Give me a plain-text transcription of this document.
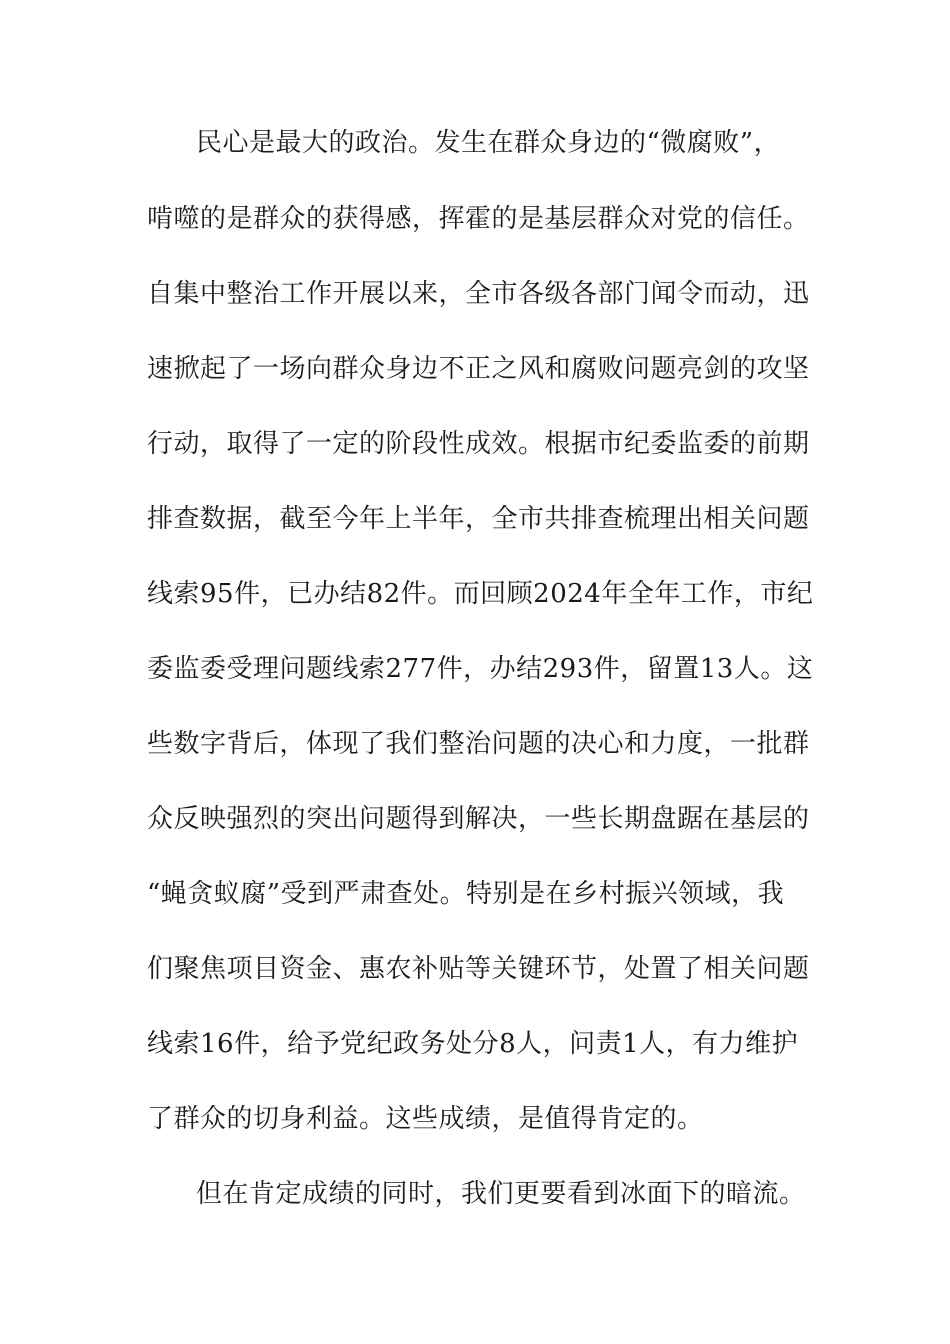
民心是最大的政治。发生在群众身边的“微腐败”，
啃噬的是群众的获得感，挥霍的是基层群众对党的信任。
自集中整治工作开展以来，全市各级各部门闻令而动，迅
速掀起了一场向群众身边不正之风和腐败问题亮剑的攻坚
行动，取得了一定的阶段性成效。根据市纪委监委的前期
排查数据，截至今年上半年，全市共排查梳理出相关问题
线索95件，已办结82件。而回顾2024年全年工作，市纪
委监委受理问题线索277件，办结293件，留置13人。这
些数字背后，体现了我们整治问题的决心和力度，一批群
众反映强烈的突出问题得到解决，一些长期盘踞在基层的
“蝇贪蚁腐”受到严肃查处。特别是在乡村振兴领域，我
们聚焦项目资金、惠农补贴等关键环节，处置了相关问题
线索16件，给予党纪政务处分8人，问责1人，有力维护
了群众的切身利益。这些成绩，是值得肯定的。
但在肯定成绩的同时，我们更要看到冰面下的暗流。
